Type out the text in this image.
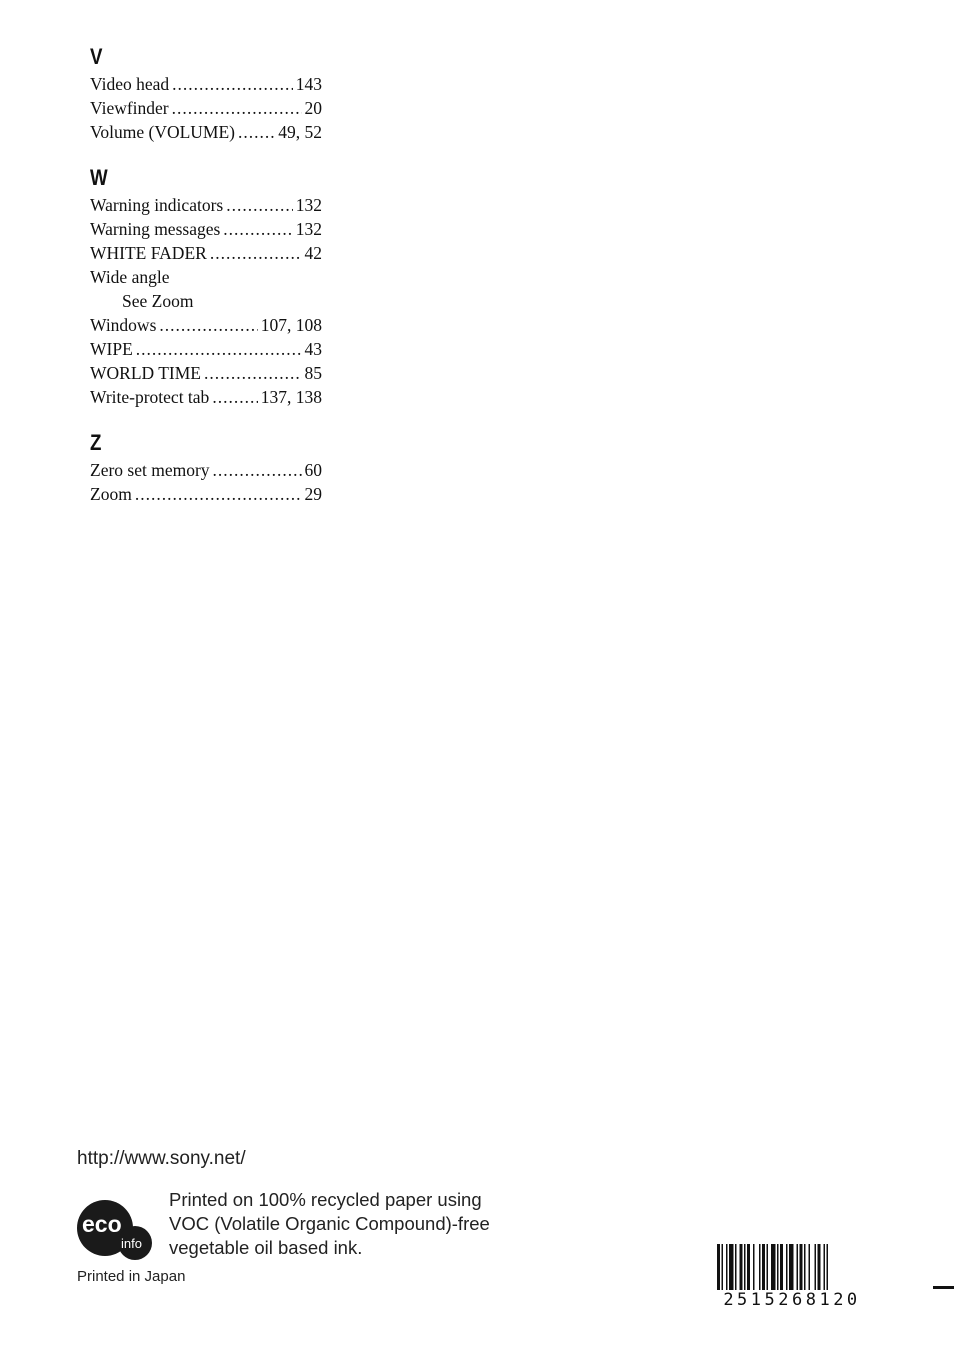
V
Video head .....	143
Viewfinder .....	20
Volume (VOLUME) ..... 49, 52
W
Warning indicators .....	132
Warning messages .....	132
WHITE FADER .....	42
Wide angle
See Zoom
Windows .....	107, 108
WIPE .....	43
WORLD TIME .....	85
Write-protect tab .....	137, 138
Z
Zero set memory .....	60
Zoom .....	29
http://www.sony.net/
eco
info
Printed on 100% recycled paper using
VOC (Volatile Organic Compound)-free
vegetable oil based ink.
Printed in Japan
2515268120
